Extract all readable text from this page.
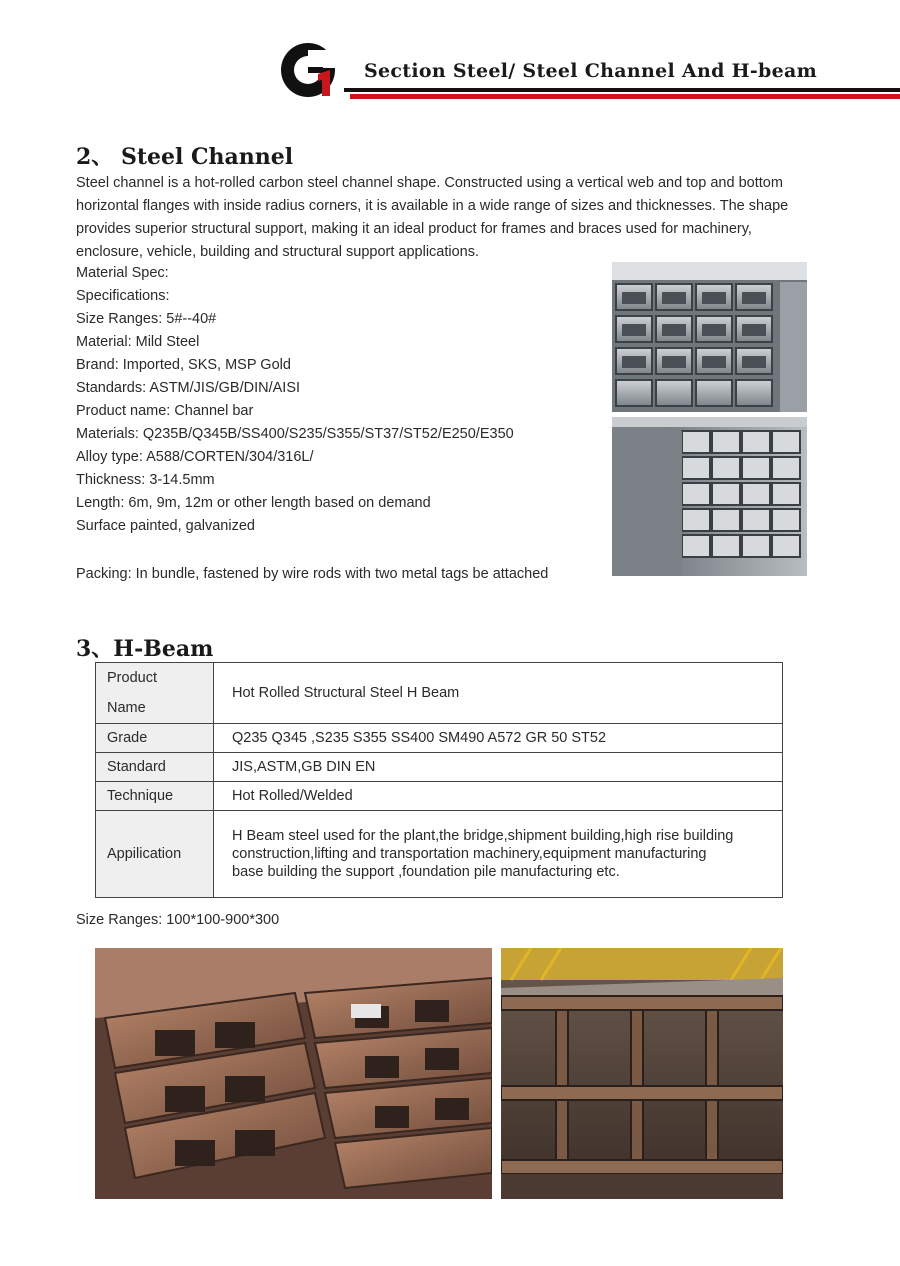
Section Steel/ Steel Channel And H-beam
2、 Steel Channel
Steel channel is a hot-rolled carbon steel channel shape. Constructed using a vertical web and top and bottom horizontal flanges with inside radius corners, it is available in a wide range of sizes and thicknesses. The shape provides superior structural support, making it an ideal product for frames and braces used for machinery, enclosure, vehicle, building and structural support applications.
Material Spec:
Specifications:
Size Ranges: 5#--40#
Material: Mild Steel
Brand: Imported, SKS, MSP Gold
Standards: ASTM/JIS/GB/DIN/AISI
Product name: Channel bar
Materials: Q235B/Q345B/SS400/S235/S355/ST37/ST52/E250/E350
Alloy type: A588/CORTEN/304/316L/
Thickness: 3-14.5mm
Length: 6m, 9m, 12m or other length based on demand
Surface painted, galvanized
Packing: In bundle, fastened by wire rods with two metal tags be attached
3、H-Beam
Product
Name	Hot Rolled Structural Steel H Beam
Grade	Q235 Q345 ,S235 S355 SS400 SM490 A572 GR 50 ST52
Standard	JIS,ASTM,GB DIN EN
Technique	Hot Rolled/Welded
Appilication	H Beam steel used for the plant,the bridge,shipment building,high rise building
construction,lifting and transportation machinery,equipment manufacturing
base building the support ,foundation pile manufacturing etc.
Size Ranges: 100*100-900*300
